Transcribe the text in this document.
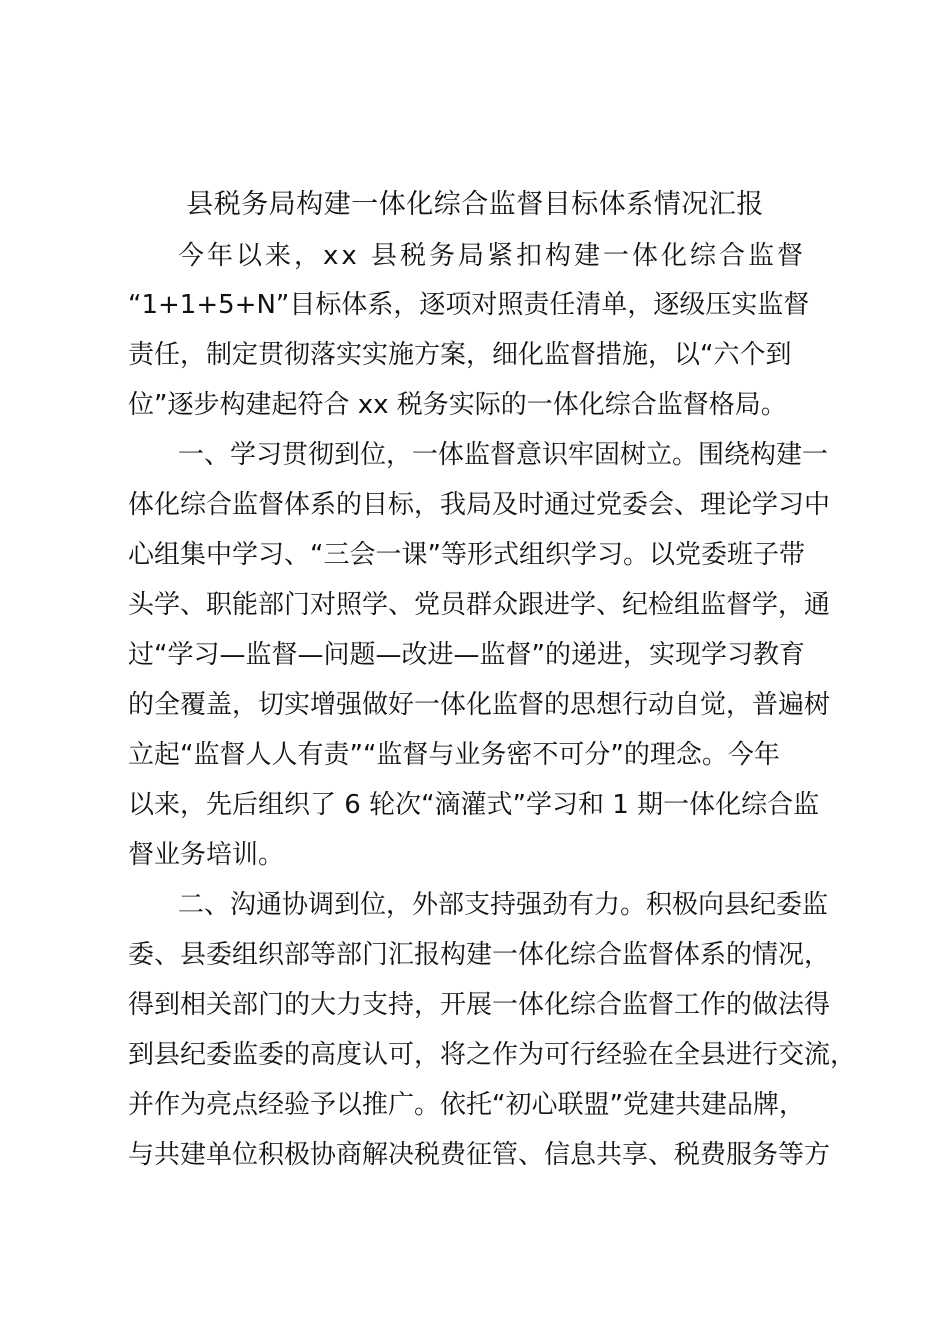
县税务局构建一体化综合监督目标体系情况汇报
今年以来，xx 县税务局紧扣构建一体化综合监督
“1+1+5+N”目标体系，逐项对照责任清单，逐级压实监督
责任，制定贯彻落实实施方案，细化监督措施，以“六个到
位”逐步构建起符合 xx 税务实际的一体化综合监督格局。
一、学习贯彻到位，一体监督意识牢固树立。围绕构建一
体化综合监督体系的目标，我局及时通过党委会、理论学习中
心组集中学习、“三会一课”等形式组织学习。以党委班子带
头学、职能部门对照学、党员群众跟进学、纪检组监督学，通
过“学习—监督—问题—改进—监督”的递进，实现学习教育
的全覆盖，切实增强做好一体化监督的思想行动自觉，普遍树
立起“监督人人有责”“监督与业务密不可分”的理念。今年
以来，先后组织了 6 轮次“滴灌式”学习和 1 期一体化综合监
督业务培训。
二、沟通协调到位，外部支持强劲有力。积极向县纪委监
委、县委组织部等部门汇报构建一体化综合监督体系的情况，
得到相关部门的大力支持，开展一体化综合监督工作的做法得
到县纪委监委的高度认可，将之作为可行经验在全县进行交流，
并作为亮点经验予以推广。依托“初心联盟”党建共建品牌，
与共建单位积极协商解决税费征管、信息共享、税费服务等方
